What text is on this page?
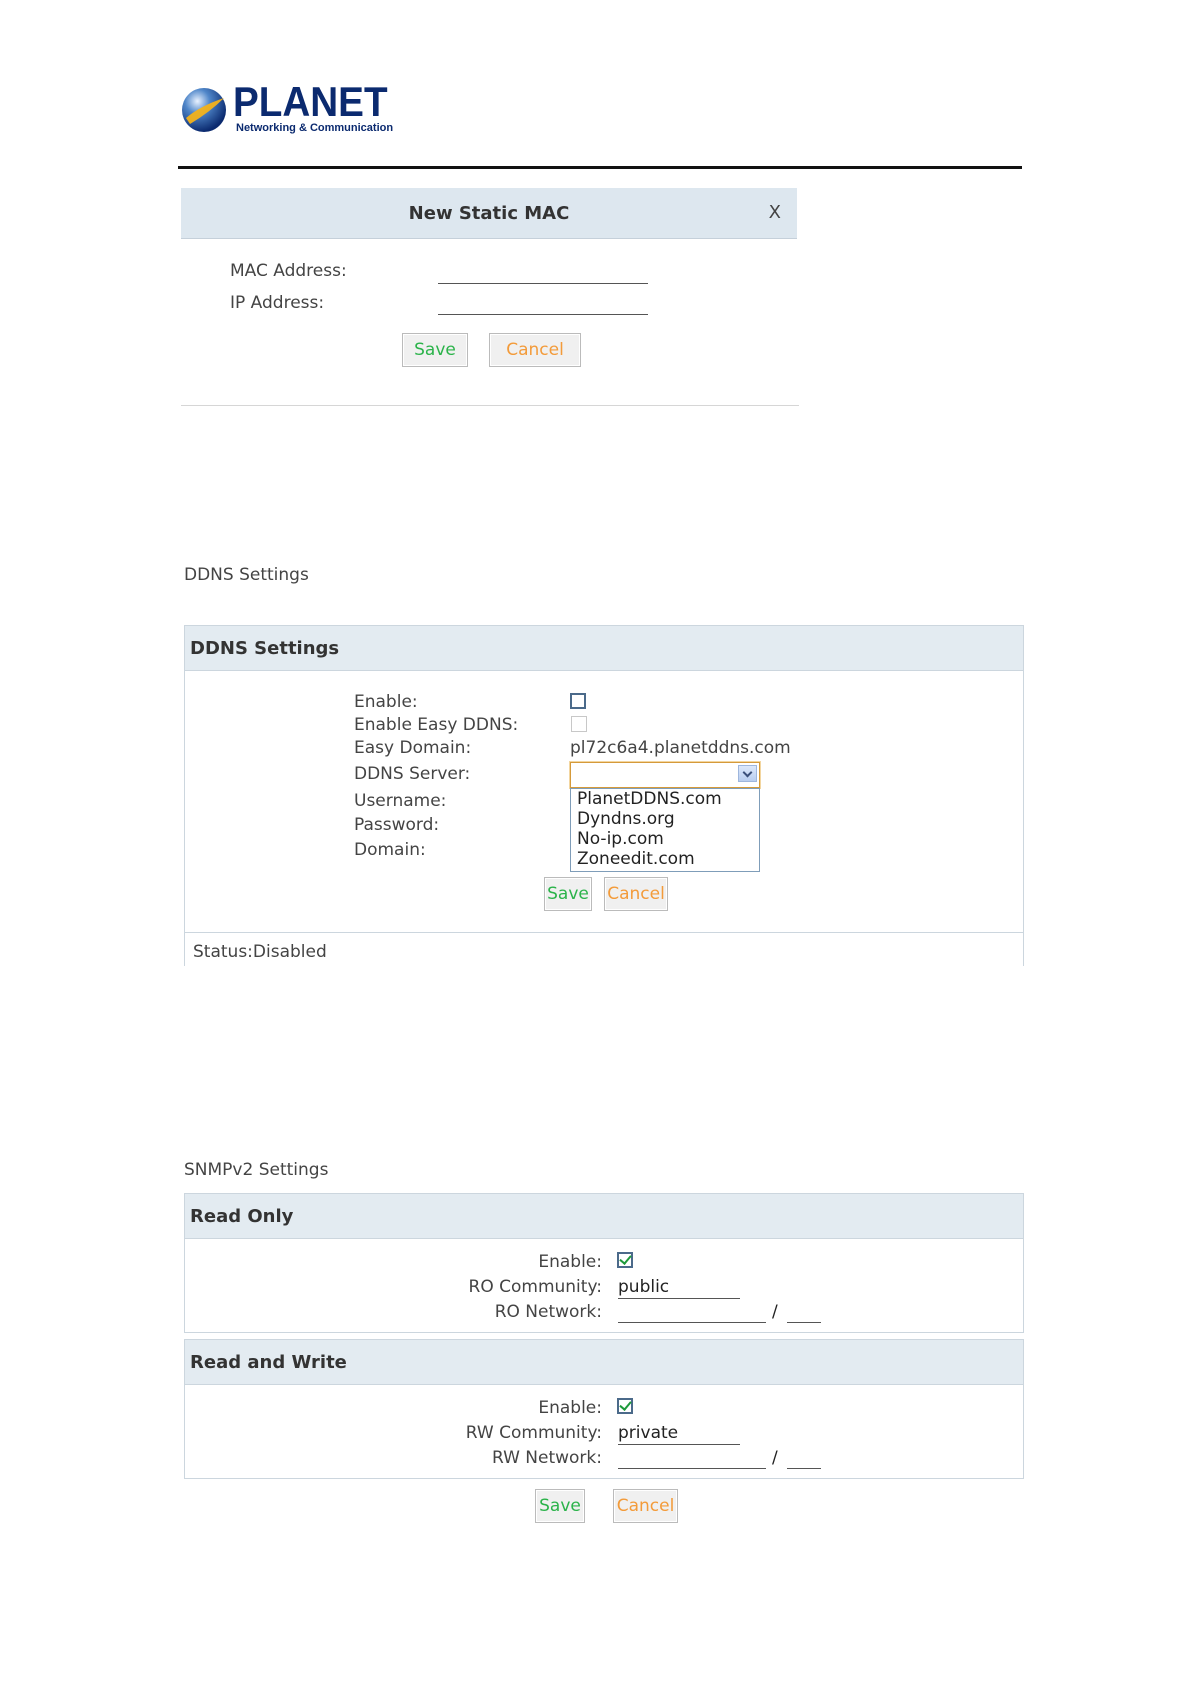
PLANET
Networking & Communication
New Static MAC	X
MAC Address:
IP Address:
Save	Cancel
DDNS Settings
DDNS Settings
Enable:
Enable Easy DDNS:
Easy Domain:	pl72c6a4.planetddns.com
DDNS Server:
PlanetDDNS.com
Dyndns.org
No-ip.com
Zoneedit.com
Username:
Password:
Domain:
Save Cancel
Status:Disabled
SNMPv2 Settings
Read Only
Enable:
RO Community: public
RO Network:	/
Read and Write
Enable:
RW Community: private
RW Network:	/
Save Cancel
